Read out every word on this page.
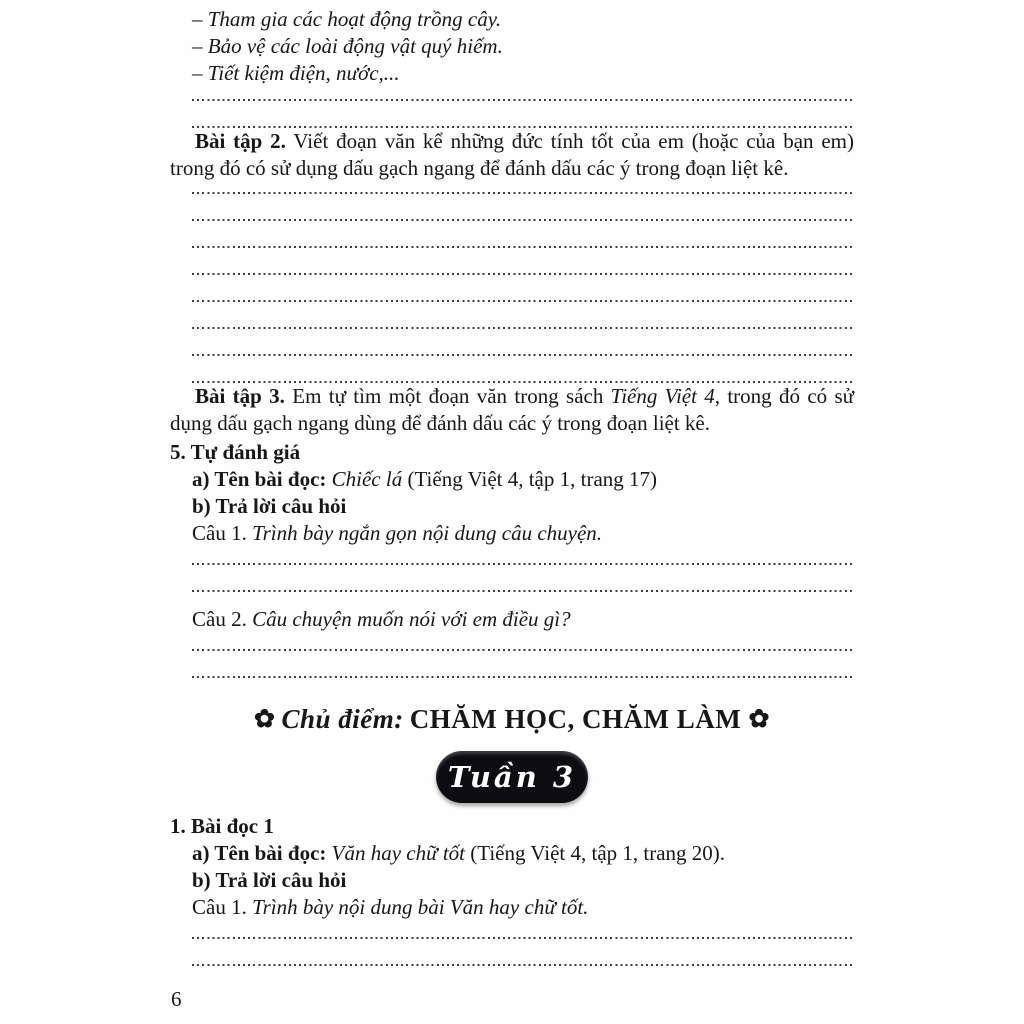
– Tham gia các hoạt động trồng cây.
– Bảo vệ các loài động vật quý hiếm.
– Tiết kiệm điện, nước,...

Bài tập 2. Viết đoạn văn kể những đức tính tốt của em (hoặc của bạn em) trong đó có sử dụng dấu gạch ngang để đánh dấu các ý trong đoạn liệt kê.

Bài tập 3. Em tự tìm một đoạn văn trong sách Tiếng Việt 4, trong đó có sử dụng dấu gạch ngang dùng để đánh dấu các ý trong đoạn liệt kê.

5. Tự đánh giá
a) Tên bài đọc: Chiếc lá (Tiếng Việt 4, tập 1, trang 17)
b) Trả lời câu hỏi
Câu 1. Trình bày ngắn gọn nội dung câu chuyện.
Câu 2. Câu chuyện muốn nói với em điều gì?
✿ Chủ điểm: CHĂM HỌC, CHĂM LÀM ✿
Tuần 3
1. Bài đọc 1
a) Tên bài đọc: Văn hay chữ tốt (Tiếng Việt 4, tập 1, trang 20).
b) Trả lời câu hỏi
Câu 1. Trình bày nội dung bài Văn hay chữ tốt.
6
